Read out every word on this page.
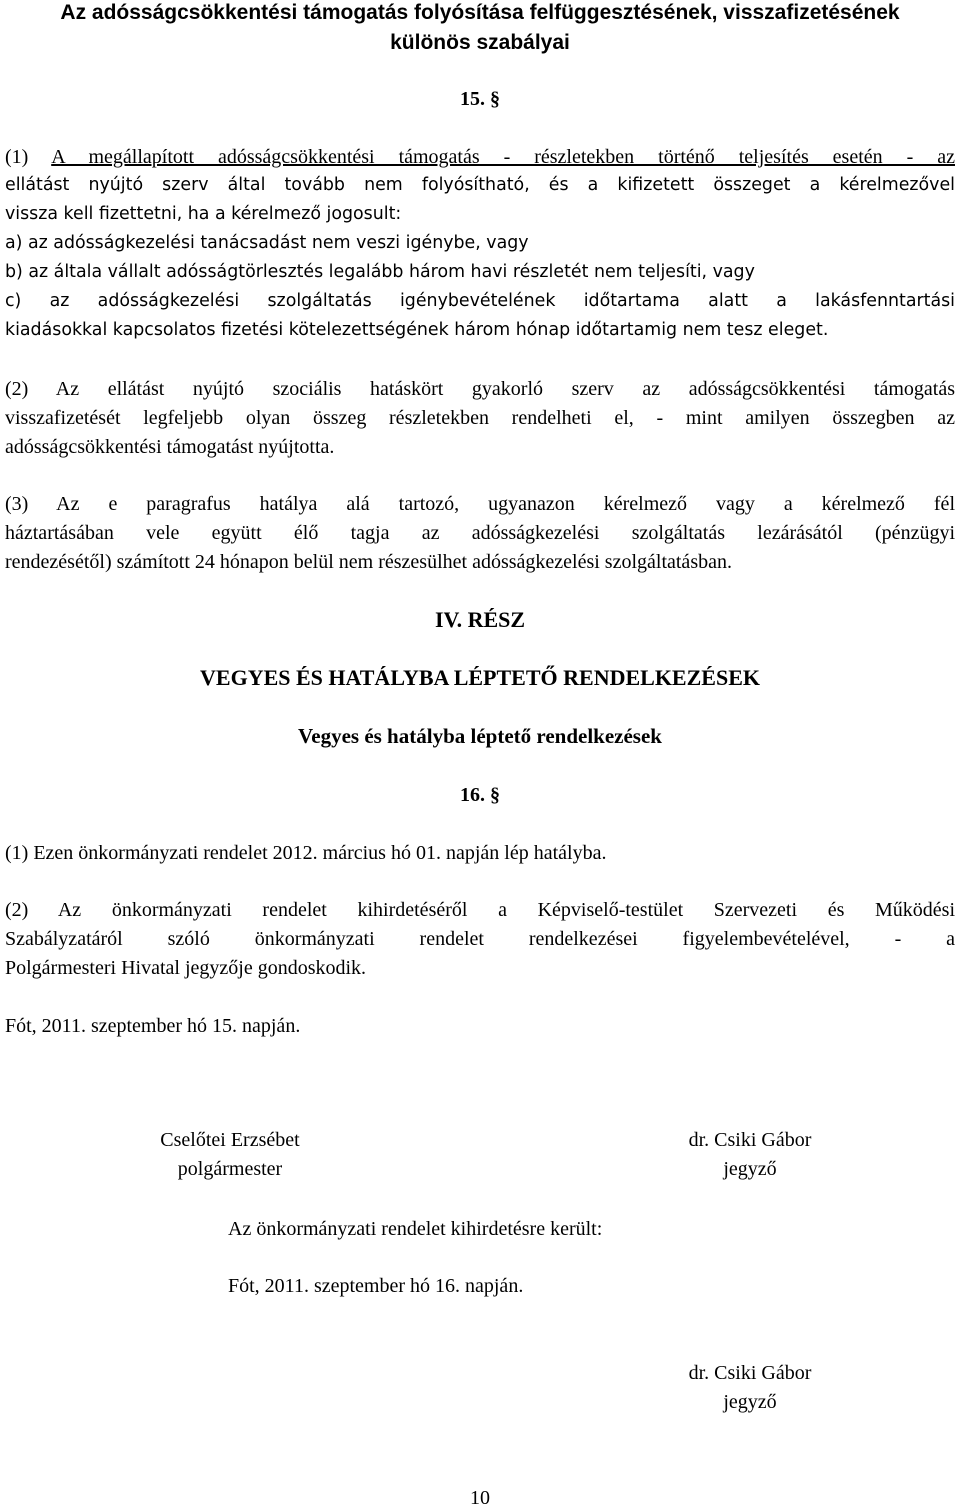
Az adósságcsökkentési támogatás folyósítása felfüggesztésének, visszafizetésének
különös szabályai
15. §
(1) A megállapított adósságcsökkentési támogatás - részletekben történő teljesítés esetén - az
ellátást nyújtó szerv által tovább nem folyósítható, és a kifizetett összeget a kérelmezővel
vissza kell fizettetni, ha a kérelmező jogosult:
a) az adósságkezelési tanácsadást nem veszi igénybe, vagy
b) az általa vállalt adósságtörlesztés legalább három havi részletét nem teljesíti, vagy
c) az adósságkezelési szolgáltatás igénybevételének időtartama alatt a lakásfenntartási
kiadásokkal kapcsolatos fizetési kötelezettségének három hónap időtartamig nem tesz eleget.
(2) Az ellátást nyújtó szociális hatáskört gyakorló szerv az adósságcsökkentési támogatás
visszafizetését legfeljebb olyan összeg részletekben rendelheti el, - mint amilyen összegben az
adósságcsökkentési támogatást nyújtotta.
(3) Az e paragrafus hatálya alá tartozó, ugyanazon kérelmező vagy a kérelmező fél
háztartásában vele együtt élő tagja az adósságkezelési szolgáltatás lezárásától (pénzügyi
rendezésétől) számított 24 hónapon belül nem részesülhet adósságkezelési szolgáltatásban.
IV. RÉSZ
VEGYES ÉS HATÁLYBA LÉPTETŐ RENDELKEZÉSEK
Vegyes és hatályba léptető rendelkezések
16. §
(1) Ezen önkormányzati rendelet 2012. március hó 01. napján lép hatályba.
(2) Az önkormányzati rendelet kihirdetéséről a Képviselő-testület Szervezeti és Működési
Szabályzatáról szóló önkormányzati rendelet rendelkezései figyelembevételével, - a
Polgármesteri Hivatal jegyzője gondoskodik.
Fót, 2011. szeptember hó 15. napján.
Cselőtei Erzsébet
polgármester
dr. Csiki Gábor
jegyző
Az önkormányzati rendelet kihirdetésre került:
Fót, 2011. szeptember hó 16. napján.
dr. Csiki Gábor
jegyző
10
